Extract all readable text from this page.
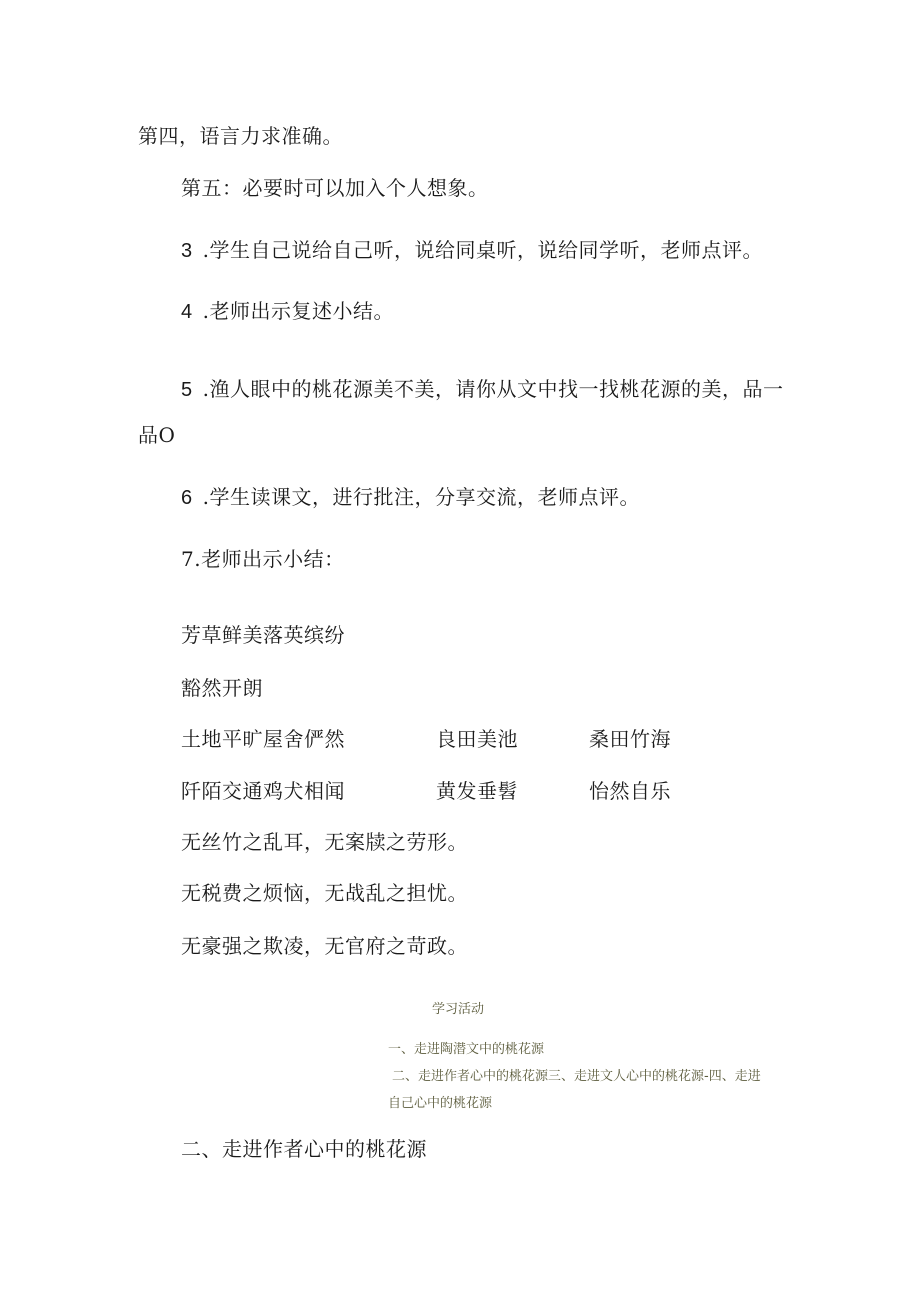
第四，语言力求准确。
第五：必要时可以加入个人想象。
3 .学生自己说给自己听，说给同桌听，说给同学听，老师点评。
4 .老师出示复述小结。
5 .渔人眼中的桃花源美不美，请你从文中找一找桃花源的美，品一
品O
6 .学生读课文，进行批注，分享交流，老师点评。
7.老师出示小结：
芳草鲜美落英缤纷
豁然开朗
土地平旷屋舍俨然	良田美池	桑田竹海
阡陌交通鸡犬相闻	黄发垂髫	怡然自乐
无丝竹之乱耳，无案牍之劳形。
无税费之烦恼，无战乱之担忧。
无豪强之欺凌，无官府之苛政。
学习活动
一、走进陶潜文中的桃花源
二、走进作者心中的桃花源三、走进文人心中的桃花源-四、走进
自己心中的桃花源
二、走进作者心中的桃花源
